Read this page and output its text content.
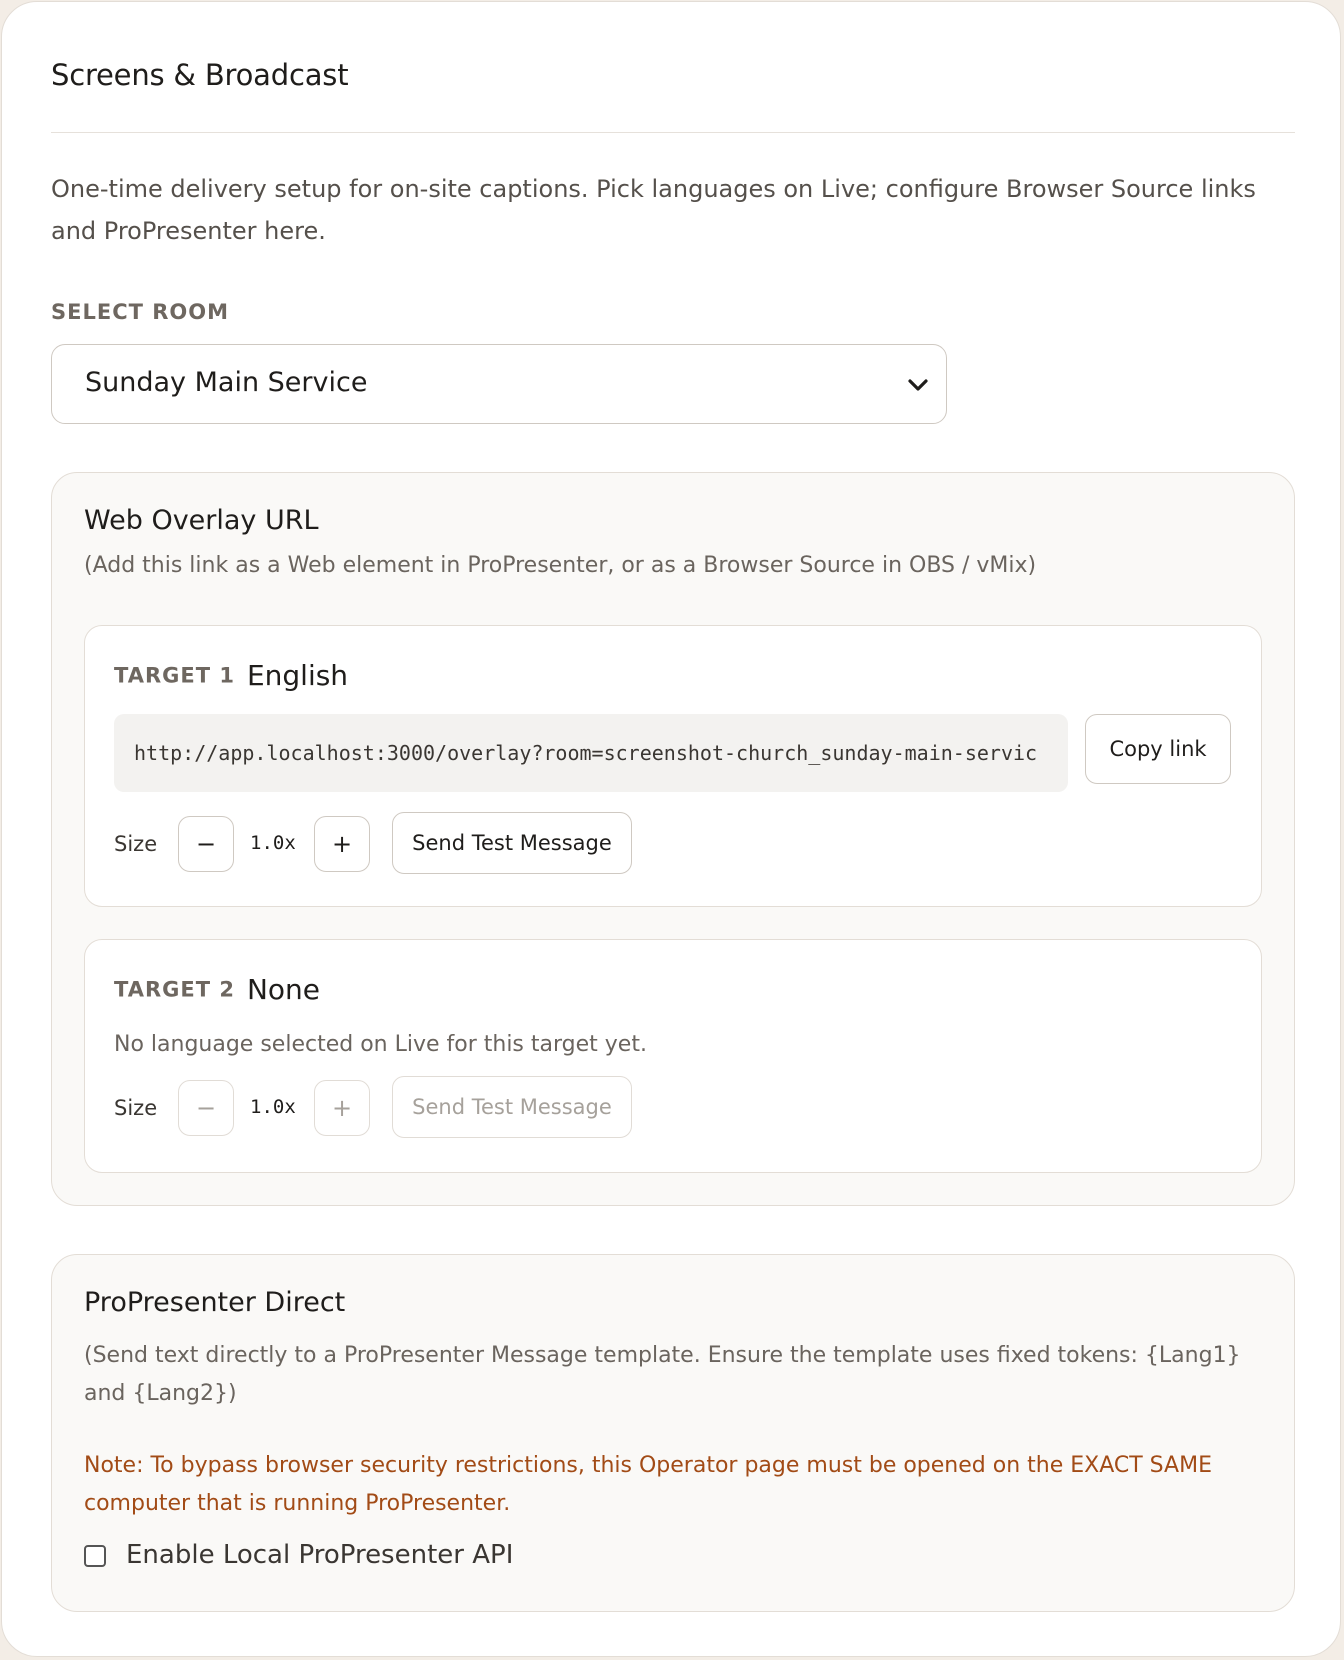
Screens & Broadcast
One-time delivery setup for on-site captions. Pick languages on Live; configure Browser Source links and ProPresenter here.
SELECT ROOM
Sunday Main Service
Web Overlay URL
(Add this link as a Web element in ProPresenter, or as a Browser Source in OBS / vMix)
TARGET 1 English
http://app.localhost:3000/overlay?room=screenshot-church_sunday-main-servic	Copy link
Size	−	1.0x	+	Send Test Message
TARGET 2 None
No language selected on Live for this target yet.
Size	−	1.0x	+	Send Test Message
ProPresenter Direct
(Send text directly to a ProPresenter Message template. Ensure the template uses fixed tokens: {Lang1} and {Lang2})
Note: To bypass browser security restrictions, this Operator page must be opened on the EXACT SAME computer that is running ProPresenter.
Enable Local ProPresenter API
